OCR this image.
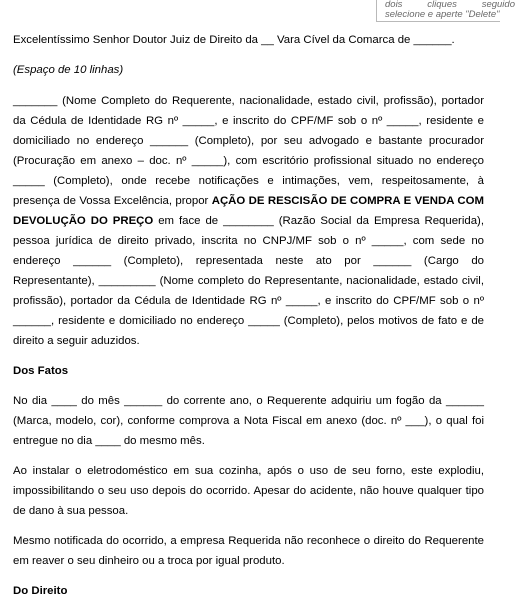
dois	cliques	seguido
selecione e aperte "Delete"

Excelentíssimo Senhor Doutor Juiz de Direito da __ Vara Cível da Comarca de ______.

(Espaço de 10 linhas)

_______ (Nome Completo do Requerente, nacionalidade, estado civil, profissão), portador da Cédula de Identidade RG nº _____, e inscrito do CPF/MF sob o nº _____, residente e domiciliado no endereço ______ (Completo), por seu advogado e bastante procurador (Procuração em anexo – doc. nº _____), com escritório profissional situado no endereço _____ (Completo), onde recebe notificações e intimações, vem, respeitosamente, à presença de Vossa Excelência, propor AÇÃO DE RESCISÃO DE COMPRA E VENDA COM DEVOLUÇÃO DO PREÇO em face de ________ (Razão Social da Empresa Requerida), pessoa jurídica de direito privado, inscrita no CNPJ/MF sob o nº _____, com sede no endereço ______ (Completo), representada neste ato por ______ (Cargo do Representante), _________ (Nome completo do Representante, nacionalidade, estado civil, profissão), portador da Cédula de Identidade RG nº _____, e inscrito do CPF/MF sob o nº ______, residente e domiciliado no endereço _____ (Completo), pelos motivos de fato e de direito a seguir aduzidos.

Dos Fatos

No dia ____ do mês ______ do corrente ano, o Requerente adquiriu um fogão da ______ (Marca, modelo, cor), conforme comprova a Nota Fiscal em anexo (doc. nº ___), o qual foi entregue no dia ____ do mesmo mês.

Ao instalar o eletrodoméstico em sua cozinha, após o uso de seu forno, este explodiu, impossibilitando o seu uso depois do ocorrido. Apesar do acidente, não houve qualquer tipo de dano à sua pessoa.

Mesmo notificada do ocorrido, a empresa Requerida não reconhece o direito do Requerente em reaver o seu dinheiro ou a troca por igual produto.

Do Direito
